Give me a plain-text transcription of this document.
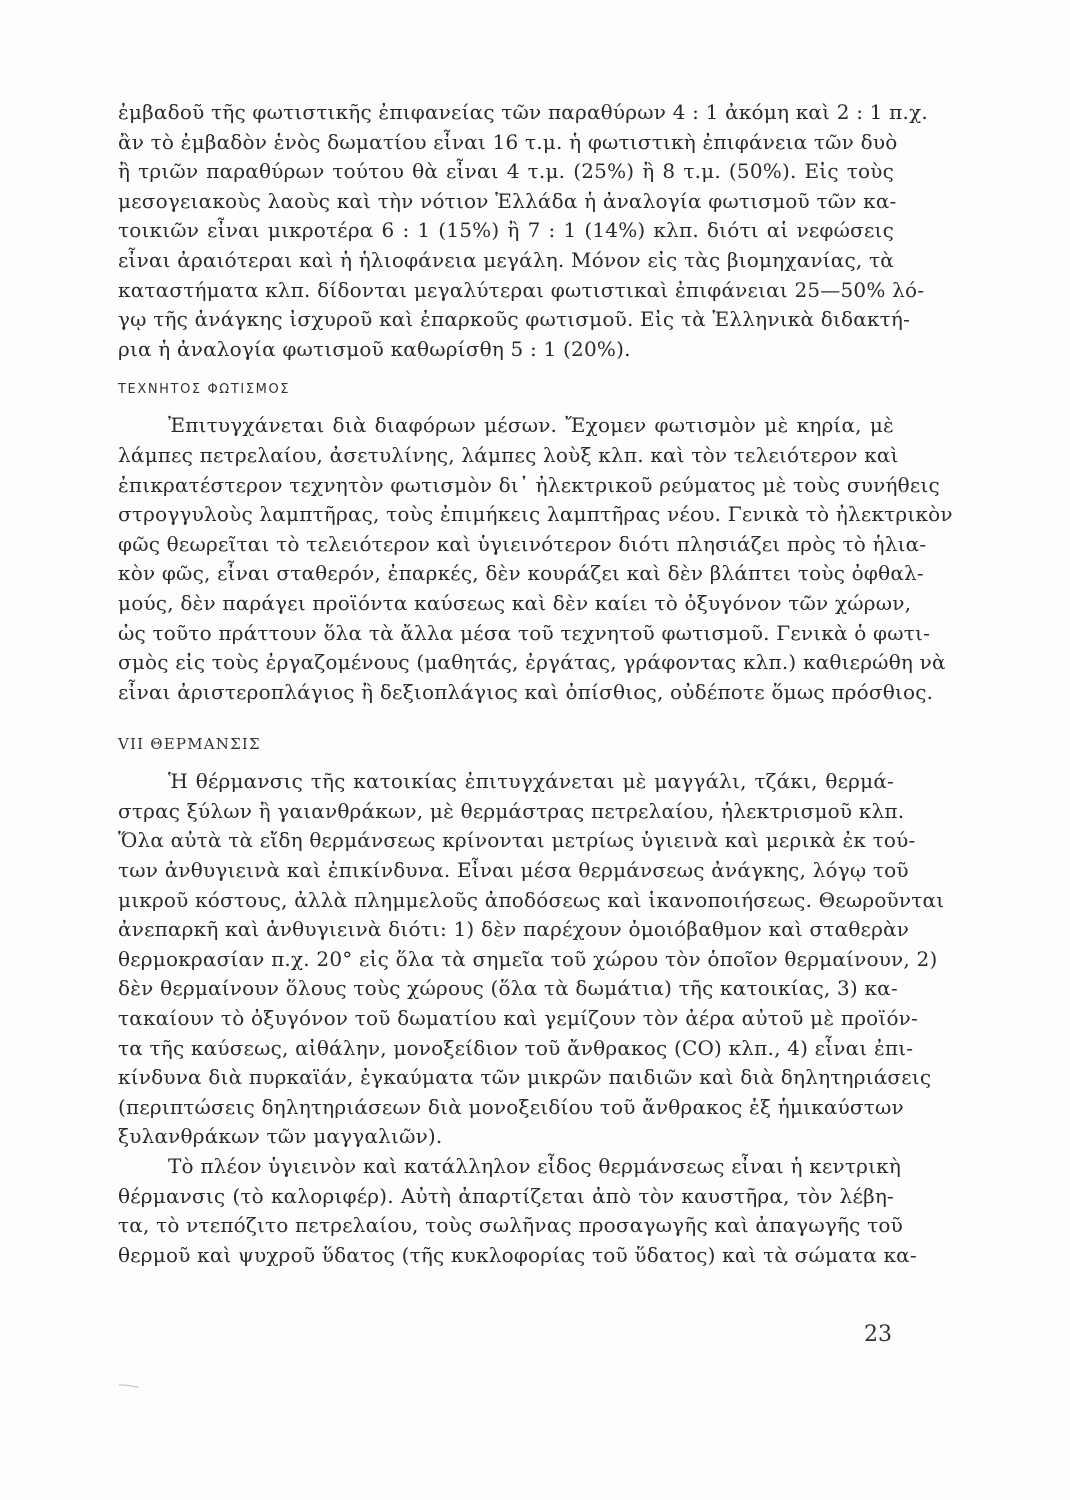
ἐμβαδοῦ τῆς φωτιστικῆς ἐπιφανείας τῶν παραθύρων 4 : 1 ἀκόμη καὶ 2 : 1 π.χ.
ἂν τὸ ἐμβαδὸν ἑνὸς δωματίου εἶναι 16 τ.μ. ἡ φωτιστικὴ ἐπιφάνεια τῶν δυὸ
ἢ τριῶν παραθύρων τούτου θὰ εἶναι 4 τ.μ. (25%) ἢ 8 τ.μ. (50%). Εἰς τοὺς
μεσογειακοὺς λαοὺς καὶ τὴν νότιον Ἑλλάδα ἡ ἀναλογία φωτισμοῦ τῶν κα-
τοικιῶν εἶναι μικροτέρα 6 : 1 (15%) ἢ 7 : 1 (14%) κλπ. διότι αἱ νεφώσεις
εἶναι ἀραιότεραι καὶ ἡ ἡλιοφάνεια μεγάλη. Μόνον εἰς τὰς βιομηχανίας, τὰ
καταστήματα κλπ. δίδονται μεγαλύτεραι φωτιστικαὶ ἐπιφάνειαι 25—50% λό-
γῳ τῆς ἀνάγκης ἰσχυροῦ καὶ ἐπαρκοῦς φωτισμοῦ. Εἰς τὰ Ἑλληνικὰ διδακτή-
ρια ἡ ἀναλογία φωτισμοῦ καθωρίσθη 5 : 1 (20%).
ΤΕΧΝΗΤΟΣ ΦΩΤΙΣΜΟΣ
Ἐπιτυγχάνεται διὰ διαφόρων μέσων. Ἔχομεν φωτισμὸν μὲ κηρία, μὲ
λάμπες πετρελαίου, ἀσετυλίνης, λάμπες λοὺξ κλπ. καὶ τὸν τελειότερον καὶ
ἐπικρατέστερον τεχνητὸν φωτισμὸν δι᾽ ἠλεκτρικοῦ ρεύματος μὲ τοὺς συνήθεις
στρογγυλοὺς λαμπτῆρας, τοὺς ἐπιμήκεις λαμπτῆρας νέου. Γενικὰ τὸ ἠλεκτρικὸν
φῶς θεωρεῖται τὸ τελειότερον καὶ ὑγιεινότερον διότι πλησιάζει πρὸς τὸ ἡλια-
κὸν φῶς, εἶναι σταθερόν, ἐπαρκές, δὲν κουράζει καὶ δὲν βλάπτει τοὺς ὀφθαλ-
μούς, δὲν παράγει προϊόντα καύσεως καὶ δὲν καίει τὸ ὀξυγόνον τῶν χώρων,
ὡς τοῦτο πράττουν ὅλα τὰ ἄλλα μέσα τοῦ τεχνητοῦ φωτισμοῦ. Γενικὰ ὁ φωτι-
σμὸς εἰς τοὺς ἐργαζομένους (μαθητάς, ἐργάτας, γράφοντας κλπ.) καθιερώθη νὰ
εἶναι ἀριστεροπλάγιος ἢ δεξιοπλάγιος καὶ ὀπίσθιος, οὐδέποτε ὅμως πρόσθιος.
VII ΘΕΡΜΑΝΣΙΣ
Ἡ θέρμανσις τῆς κατοικίας ἐπιτυγχάνεται μὲ μαγγάλι, τζάκι, θερμά-
στρας ξύλων ἢ γαιανθράκων, μὲ θερμάστρας πετρελαίου, ἠλεκτρισμοῦ κλπ.
Ὅλα αὐτὰ τὰ εἴδη θερμάνσεως κρίνονται μετρίως ὑγιεινὰ καὶ μερικὰ ἐκ τού-
των ἀνθυγιεινὰ καὶ ἐπικίνδυνα. Εἶναι μέσα θερμάνσεως ἀνάγκης, λόγῳ τοῦ
μικροῦ κόστους, ἀλλὰ πλημμελοῦς ἀποδόσεως καὶ ἱκανοποιήσεως. Θεωροῦνται
ἀνεπαρκῆ καὶ ἀνθυγιεινὰ διότι: 1) δὲν παρέχουν ὁμοιόβαθμον καὶ σταθερὰν
θερμοκρασίαν π.χ. 20° εἰς ὅλα τὰ σημεῖα τοῦ χώρου τὸν ὁποῖον θερμαίνουν, 2)
δὲν θερμαίνουν ὅλους τοὺς χώρους (ὅλα τὰ δωμάτια) τῆς κατοικίας, 3) κα-
τακαίουν τὸ ὀξυγόνον τοῦ δωματίου καὶ γεμίζουν τὸν ἀέρα αὐτοῦ μὲ προϊόν-
τα τῆς καύσεως, αἰθάλην, μονοξείδιον τοῦ ἄνθρακος (CO) κλπ., 4) εἶναι ἐπι-
κίνδυνα διὰ πυρκαϊάν, ἐγκαύματα τῶν μικρῶν παιδιῶν καὶ διὰ δηλητηριάσεις
(περιπτώσεις δηλητηριάσεων διὰ μονοξειδίου τοῦ ἄνθρακος ἐξ ἡμικαύστων
ξυλανθράκων τῶν μαγγαλιῶν).
Τὸ πλέον ὑγιεινὸν καὶ κατάλληλον εἶδος θερμάνσεως εἶναι ἡ κεντρικὴ
θέρμανσις (τὸ καλοριφέρ). Αὐτὴ ἀπαρτίζεται ἀπὸ τὸν καυστῆρα, τὸν λέβη-
τα, τὸ ντεπόζιτο πετρελαίου, τοὺς σωλῆνας προσαγωγῆς καὶ ἀπαγωγῆς τοῦ
θερμοῦ καὶ ψυχροῦ ὕδατος (τῆς κυκλοφορίας τοῦ ὕδατος) καὶ τὰ σώματα κα-
23
